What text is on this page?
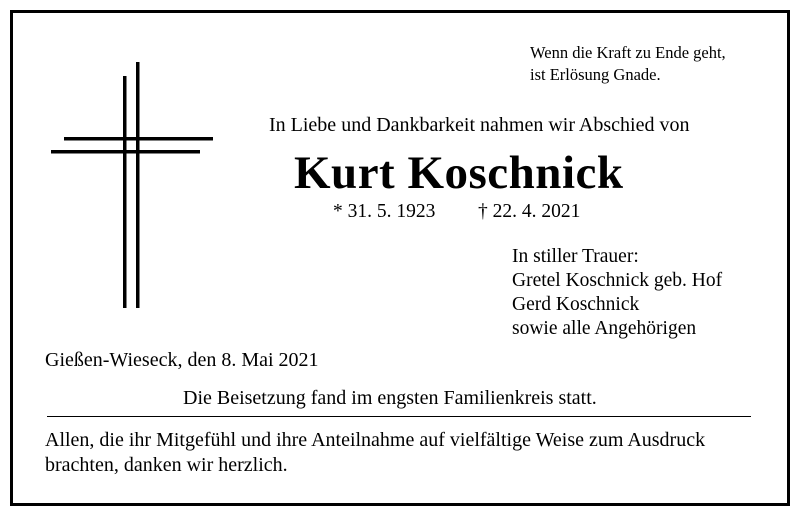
Wenn die Kraft zu Ende geht,
ist Erlösung Gnade.
In Liebe und Dankbarkeit nahmen wir Abschied von
Kurt Koschnick
* 31. 5. 1923 † 22. 4. 2021
In stiller Trauer:
Gretel Koschnick geb. Hof
Gerd Koschnick
sowie alle Angehörigen
Gießen-Wieseck, den 8. Mai 2021
Die Beisetzung fand im engsten Familienkreis statt.
Allen, die ihr Mitgefühl und ihre Anteilnahme auf vielfältige Weise zum Ausdruck brachten, danken wir herzlich.
